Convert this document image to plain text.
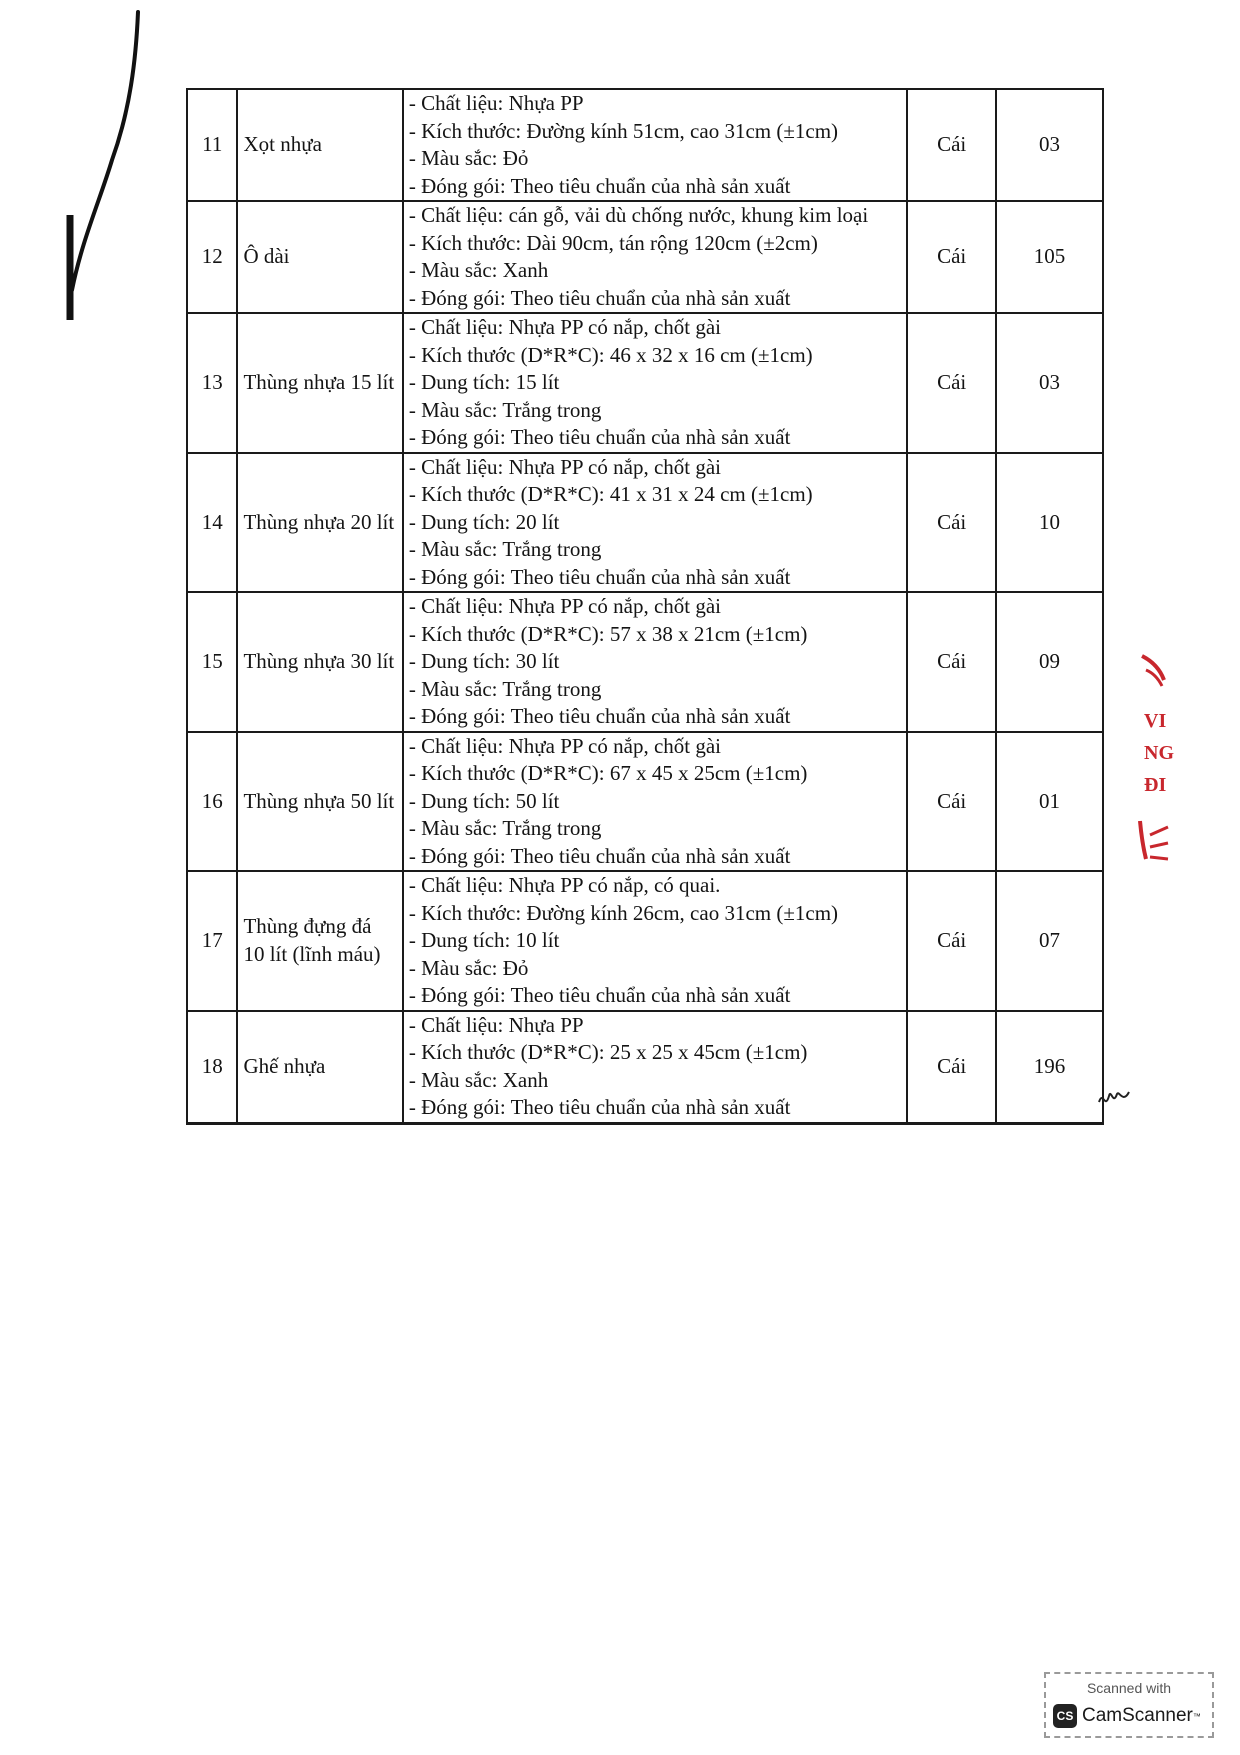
11	Xọt nhựa	- Chất liệu: Nhựa PP
- Kích thước: Đường kính 51cm, cao 31cm (±1cm)
- Màu sắc: Đỏ
- Đóng gói: Theo tiêu chuẩn của nhà sản xuất	Cái	03
12	Ô dài	- Chất liệu: cán gỗ, vải dù chống nước, khung kim loại
- Kích thước: Dài 90cm, tán rộng 120cm (±2cm)
- Màu sắc: Xanh
- Đóng gói: Theo tiêu chuẩn của nhà sản xuất	Cái	105
13	Thùng nhựa 15 lít	- Chất liệu: Nhựa PP có nắp, chốt gài
- Kích thước (D*R*C): 46 x 32 x 16 cm (±1cm)
- Dung tích: 15 lít
- Màu sắc: Trắng trong
- Đóng gói: Theo tiêu chuẩn của nhà sản xuất	Cái	03
14	Thùng nhựa 20 lít	- Chất liệu: Nhựa PP có nắp, chốt gài
- Kích thước (D*R*C): 41 x 31 x 24 cm (±1cm)
- Dung tích: 20 lít
- Màu sắc: Trắng trong
- Đóng gói: Theo tiêu chuẩn của nhà sản xuất	Cái	10
15	Thùng nhựa 30 lít	- Chất liệu: Nhựa PP có nắp, chốt gài
- Kích thước (D*R*C): 57 x 38 x 21cm (±1cm)
- Dung tích: 30 lít
- Màu sắc: Trắng trong
- Đóng gói: Theo tiêu chuẩn của nhà sản xuất	Cái	09
16	Thùng nhựa 50 lít	- Chất liệu: Nhựa PP có nắp, chốt gài
- Kích thước (D*R*C): 67 x 45 x 25cm (±1cm)
- Dung tích: 50 lít
- Màu sắc: Trắng trong
- Đóng gói: Theo tiêu chuẩn của nhà sản xuất	Cái	01
17	Thùng đựng đá 10 lít (lĩnh máu)	- Chất liệu: Nhựa PP có nắp, có quai.
- Kích thước: Đường kính 26cm, cao 31cm (±1cm)
- Dung tích: 10 lít
- Màu sắc: Đỏ
- Đóng gói: Theo tiêu chuẩn của nhà sản xuất	Cái	07
18	Ghế nhựa	- Chất liệu: Nhựa PP
- Kích thước (D*R*C): 25 x 25 x 45cm (±1cm)
- Màu sắc: Xanh
- Đóng gói: Theo tiêu chuẩn của nhà sản xuất	Cái	196
VI
NG
ĐI
Scanned with
CS CamScanner ™
